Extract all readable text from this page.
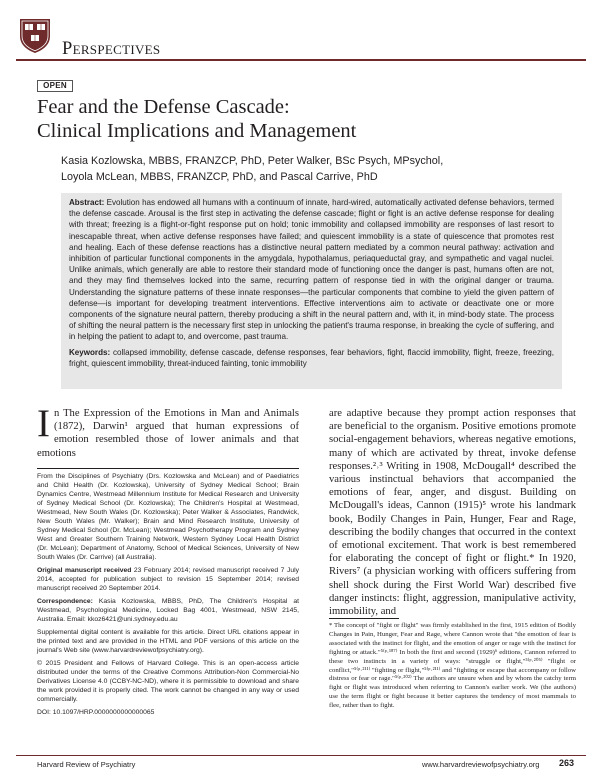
Perspectives
OPEN
Fear and the Defense Cascade:
Clinical Implications and Management
Kasia Kozlowska, MBBS, FRANZCP, PhD, Peter Walker, BSc Psych, MPsychol,
Loyola McLean, MBBS, FRANZCP, PhD, and Pascal Carrive, PhD

Abstract: Evolution has endowed all humans with a continuum of innate, hard-wired, automatically activated defense behaviors, termed the defense cascade. Arousal is the first step in activating the defense cascade; flight or fight is an active defense response for dealing with threat; freezing is a flight-or-fight response put on hold; tonic immobility and collapsed immobility are responses of last resort to inescapable threat, when active defense responses have failed; and quiescent immobility is a state of quiescence that promotes rest and healing. Each of these defense reactions has a distinctive neural pattern mediated by a common neural pathway: activation and inhibition of particular functional components in the amygdala, hypothalamus, periaqueductal gray, and sympathetic and vagal nuclei. Unlike animals, which generally are able to restore their standard mode of functioning once the danger is past, humans often are not, and they may find themselves locked into the same, recurring pattern of response tied in with the original danger or trauma. Understanding the signature patterns of these innate responses—the particular components that combine to yield the given pattern of defense—is important for developing treatment interventions. Effective interventions aim to activate or deactivate one or more components of the signature neural pattern, thereby producing a shift in the neural pattern and, with it, in mind-body state. The process of shifting the neural pattern is the necessary first step in unlocking the patient's trauma response, in breaking the cycle of suffering, and in helping the patient to adapt to, and overcome, past trauma.

Keywords: collapsed immobility, defense cascade, defense responses, fear behaviors, fight, flaccid immobility, flight, freeze, freezing, fright, quiescent immobility, threat-induced fainting, tonic immobility

I n The Expression of the Emotions in Man and Animals (1872), Darwin¹ argued that human expressions of emotion resembled those of lower animals and that emotions

From the Disciplines of Psychiatry (Drs. Kozlowska and McLean) and of Paediatrics and Child Health (Dr. Kozlowska), University of Sydney Medical School; Brain Dynamics Centre, Westmead Millennium Institute for Medical Research and University of Sydney Medical School (Dr. Kozlowska); The Children's Hospital at Westmead, Westmead, New South Wales (Dr. Kozlowska); Peter Walker & Associates, Randwick, New South Wales (Mr. Walker); Brain and Mind Research Institute, University of Sydney Medical School (Dr. McLean); Westmead Psychotherapy Program and Sydney West and Greater Southern Training Network, Western Sydney Local Health District (Dr. McLean); Department of Anatomy, School of Medical Sciences, University of New South Wales (Dr. Carrive) (all Australia).

Original manuscript received 23 February 2014; revised manuscript received 7 July 2014, accepted for publication subject to revision 15 September 2014; revised manuscript received 20 September 2014.

Correspondence: Kasia Kozlowska, MBBS, PhD, The Children's Hospital at Westmead, Psychological Medicine, Locked Bag 4001, Westmead, NSW 2145, Australia. Email: kkoz6421@uni.sydney.edu.au

Supplemental digital content is available for this article. Direct URL citations appear in the printed text and are provided in the HTML and PDF versions of this article on the journal's Web site (www.harvardreviewofpsychiatry.org).

© 2015 President and Fellows of Harvard College. This is an open-access article distributed under the terms of the Creative Commons Attribution-Non Commercial-No Derivatives License 4.0 (CCBY-NC-ND), where it is permissible to download and share the work provided it is properly cited. The work cannot be changed in any way or used commercially.

DOI: 10.1097/HRP.0000000000000065

are adaptive because they prompt action responses that are beneficial to the organism. Positive emotions promote social-engagement behaviors, whereas negative emotions, many of which are activated by threat, invoke defense responses.²˒³ Writing in 1908, McDougall⁴ described the various instinctual behaviors that accompanied the emotions of fear, anger, and disgust. Building on McDougall's ideas, Cannon (1915)⁵ wrote his landmark book, Bodily Changes in Pain, Hunger, Fear and Rage, describing the bodily changes that occurred in the context of emotional excitement. That work is best remembered for elaborating the concept of fight or flight.* In 1920, Rivers⁷ (a physician working with officers suffering from shell shock during the First World War) described five danger instincts: flight, aggression, manipulative activity, immobility, and
* The concept of "fight or flight" was firmly established in the first, 1915 edition of Bodily Changes in Pain, Hunger, Fear and Rage, where Cannon wrote that "the emotion of fear is associated with the instinct for flight, and the emotion of anger or rage with the instinct for fighting or attack."⁵⁽ᵖ·¹⁸⁷⁾ In both the first and second (1929)⁶ editions, Cannon referred to these two instincts in a variety of ways: "struggle or flight,"⁵⁽ᵖ·²⁰⁵⁾ "flight or conflict,"⁵⁽ᵖ·²¹¹⁾ "fighting or flight,"⁵⁽ᵖ·²¹¹⁾ and "fighting or escape that accompany or follow distress or fear or rage."⁵⁽ᵖ·²⁰²⁾ The authors are unsure when and by whom the catchy term fight or flight was introduced when referring to Cannon's earlier work. We (the authors) use the term flight or fight because it better captures the tendency of most mammals to flee, rather than to fight.
Harvard Review of Psychiatry	www.harvardreviewofpsychiatry.org 263
